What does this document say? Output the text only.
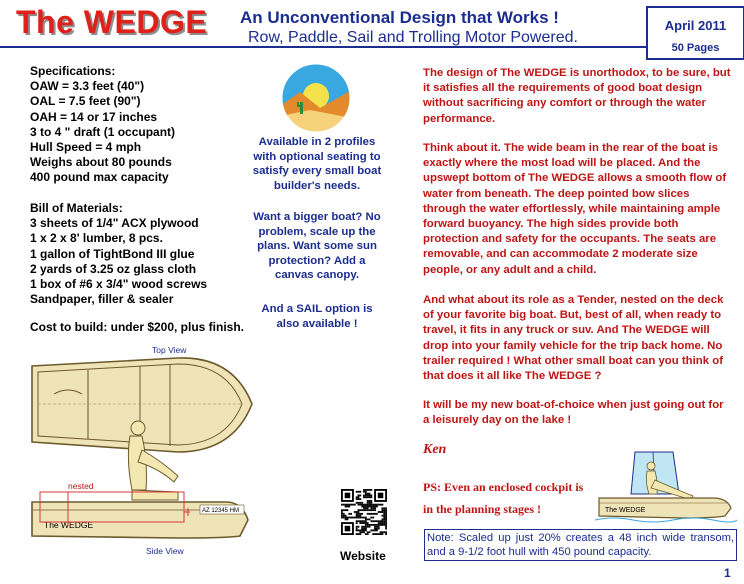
The WEDGE An Unconventional Design that Works !
Row, Paddle, Sail and Trolling Motor Powered.
April 2011
50 Pages
Specifications:
OAW = 3.3 feet (40")
OAL = 7.5 feet (90")
OAH = 14 or 17 inches
3 to 4 " draft (1 occupant)
Hull Speed = 4 mph
Weighs about 80 pounds
400 pound max capacity
Bill of Materials:
3 sheets of 1/4" ACX plywood
1 x 2 x 8' lumber, 8 pcs.
1 gallon of TightBond III glue
2 yards of 3.25 oz glass cloth
1 box of #6 x 3/4" wood screws
Sandpaper, filler & sealer
Cost to build: under $200, plus finish.
Available in 2 profiles
with optional seating to
satisfy every small boat
builder's needs.
Want a bigger boat? No
problem, scale up the
plans. Want some sun
protection? Add a
canvas canopy.
And a SAIL option is
also available !
The design of The WEDGE is unorthodox, to be sure, but it satisfies all the requirements of good boat design without sacrificing any comfort or through the water performance.
Think about it. The wide beam in the rear of the boat is exactly where the most load will be placed. And the upswept bottom of The WEDGE allows a smooth flow of water from beneath. The deep pointed bow slices through the water effortlessly, while maintaining ample forward buoyancy. The high sides provide both protection and safety for the occupants. The seats are removable, and can accommodate 2 moderate size people, or any adult and a child.
And what about its role as a Tender, nested on the deck of your favorite big boat. But, best of all, when ready to travel, it fits in any truck or suv. And The WEDGE will drop into your family vehicle for the trip back home. No trailer required ! What other small boat can you think of that does it all like The WEDGE ?
It will be my new boat-of-choice when just going out for a leisurely day on the lake !
Ken
PS: Even an enclosed cockpit is in the planning stages !
Note: Scaled up just 20% creates a 48 inch wide transom, and a 9-1/2 foot hull with 450 pound capacity.
1
Top View
Side View
AZ 12345 HM
The WEDGE
nested
Website
The WEDGE
